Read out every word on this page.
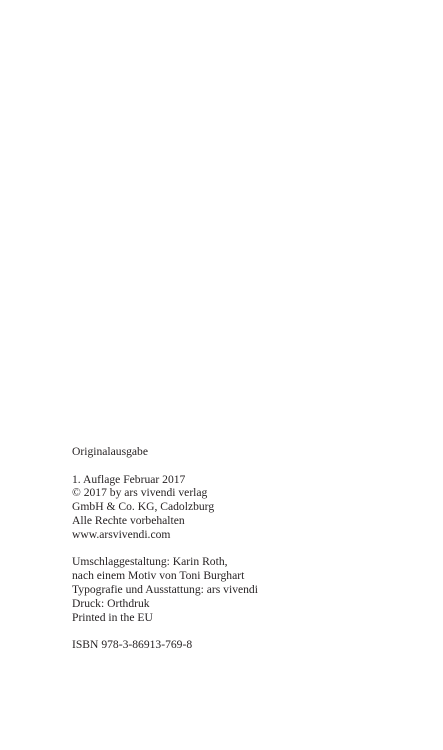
Originalausgabe

1. Auflage Februar 2017
© 2017 by ars vivendi verlag
GmbH & Co. KG, Cadolzburg
Alle Rechte vorbehalten
www.arsvivendi.com

Umschlaggestaltung: Karin Roth,
nach einem Motiv von Toni Burghart
Typografie und Ausstattung: ars vivendi
Druck: Orthdruk
Printed in the EU

ISBN 978-3-86913-769-8
